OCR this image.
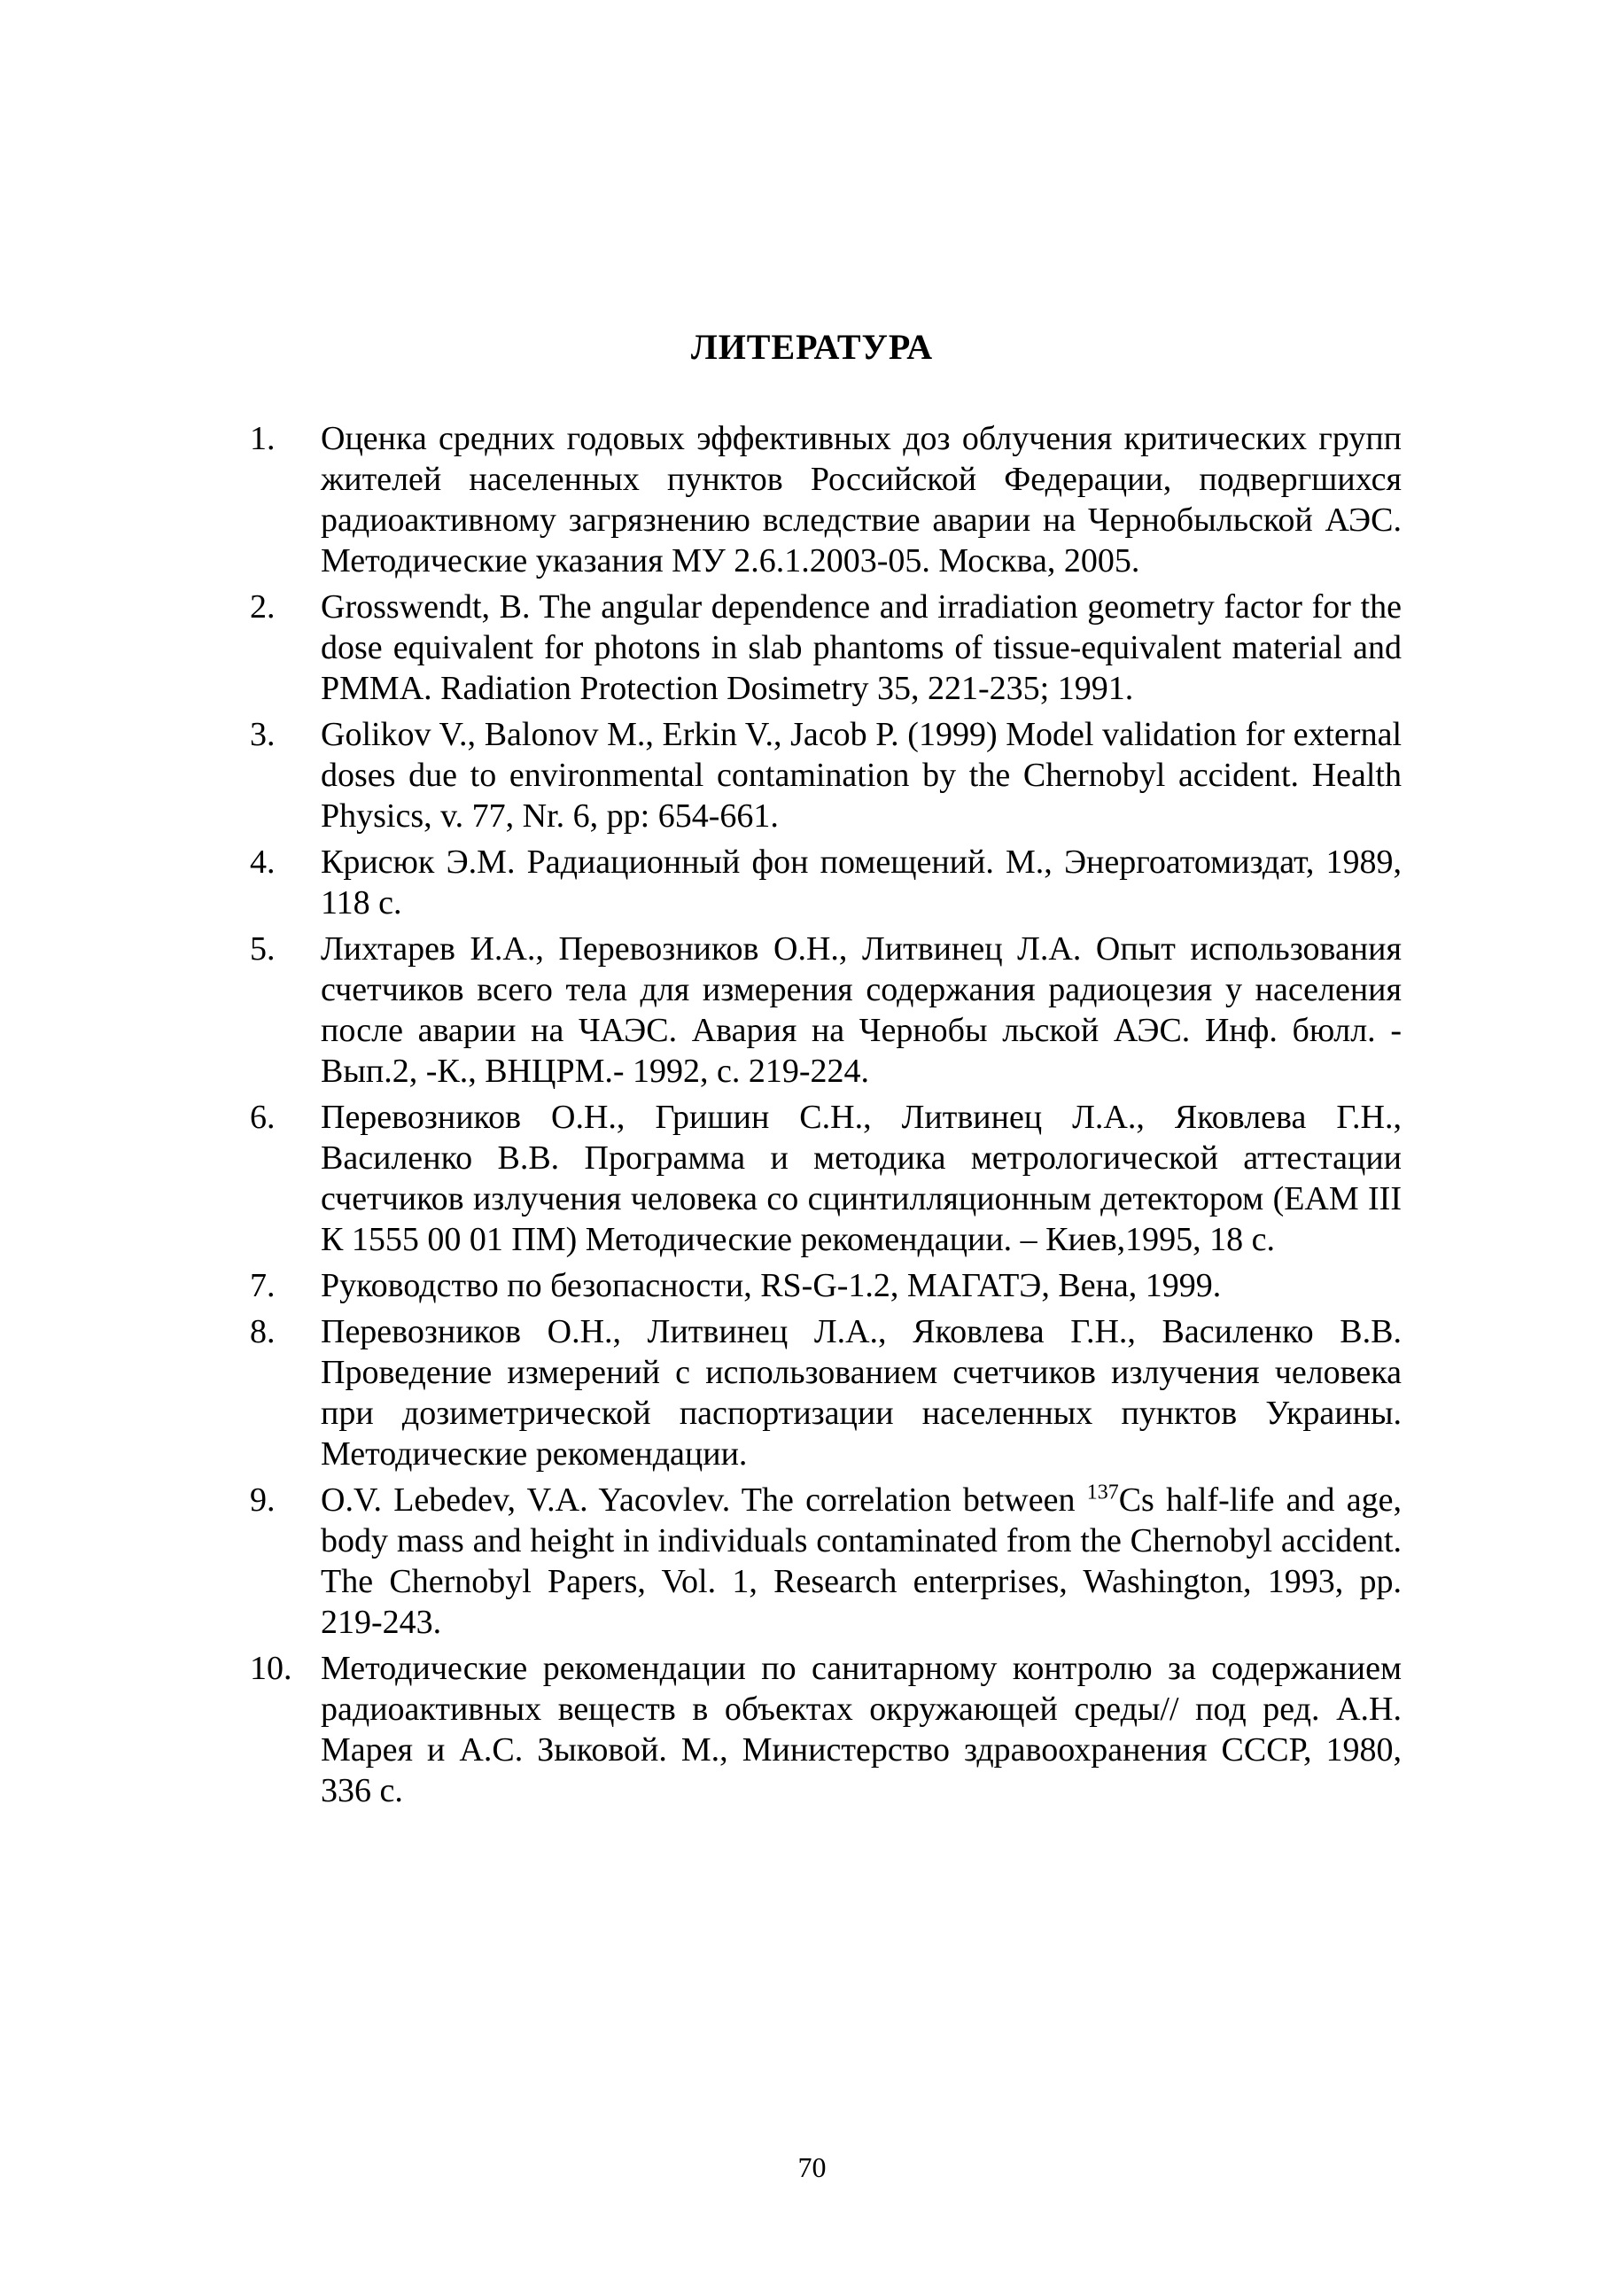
ЛИТЕРАТУРА
1.	Оценка средних годовых эффективных доз облучения критических групп жителей населенных пунктов Российской Федерации, подвергшихся радиоактивному загрязнению вследствие аварии на Чернобыльской АЭС. Методические указания МУ 2.6.1.2003-05. Москва, 2005.
2.	Grosswendt, B. The angular dependence and irradiation geometry factor for the dose equivalent for photons in slab phantoms of tissue-equivalent material and PMMA. Radiation Protection Dosimetry 35, 221-235; 1991.
3.	Golikov V., Balonov M., Erkin V., Jacob P. (1999) Model validation for external doses due to environmental contamination by the Chernobyl accident. Health Physics, v. 77, Nr. 6, pp: 654-661.
4.	Крисюк Э.М. Радиационный фон помещений. М., Энергоатомиздат, 1989, 118 с.
5.	Лихтарев И.А., Перевозников О.Н., Литвинец Л.А. Опыт использования счетчиков всего тела для измерения содержания радиоцезия у населения после аварии на ЧАЭС. Авария на Чернобы льской АЭС. Инф. бюлл. - Вып.2, -К., ВНЦРМ.- 1992, с. 219-224.
6.	Перевозников О.Н., Гришин С.Н., Литвинец Л.А., Яковлева Г.Н., Василенко В.В. Программа и методика метрологической аттестации счетчиков излучения человека со сцинтилляционным детектором (ЕАМ III К 1555 00 01 ПМ) Методические рекомендации. – Киев,1995, 18 с.
7.	Руководство по безопасности, RS-G-1.2, МАГАТЭ, Вена, 1999.
8.	Перевозников О.Н., Литвинец Л.А., Яковлева Г.Н., Василенко В.В. Проведение измерений с использованием счетчиков излучения человека при дозиметрической паспортизации населенных пунктов Украины. Методические рекомендации.
9.	O.V. Lebedev, V.A. Yacovlev. The correlation between $^{137}$Cs half-life and age, body mass and height in individuals contaminated from the Chernobyl accident. The Chernobyl Papers, Vol. 1, Research enterprises, Washington, 1993, pp. 219-243.
10. Методические рекомендации по санитарному контролю за содержанием радиоактивных веществ в объектах окружающей среды// под ред. А.Н. Марея и А.С. Зыковой. М., Министерство здравоохранения СССР, 1980, 336 с.
70
